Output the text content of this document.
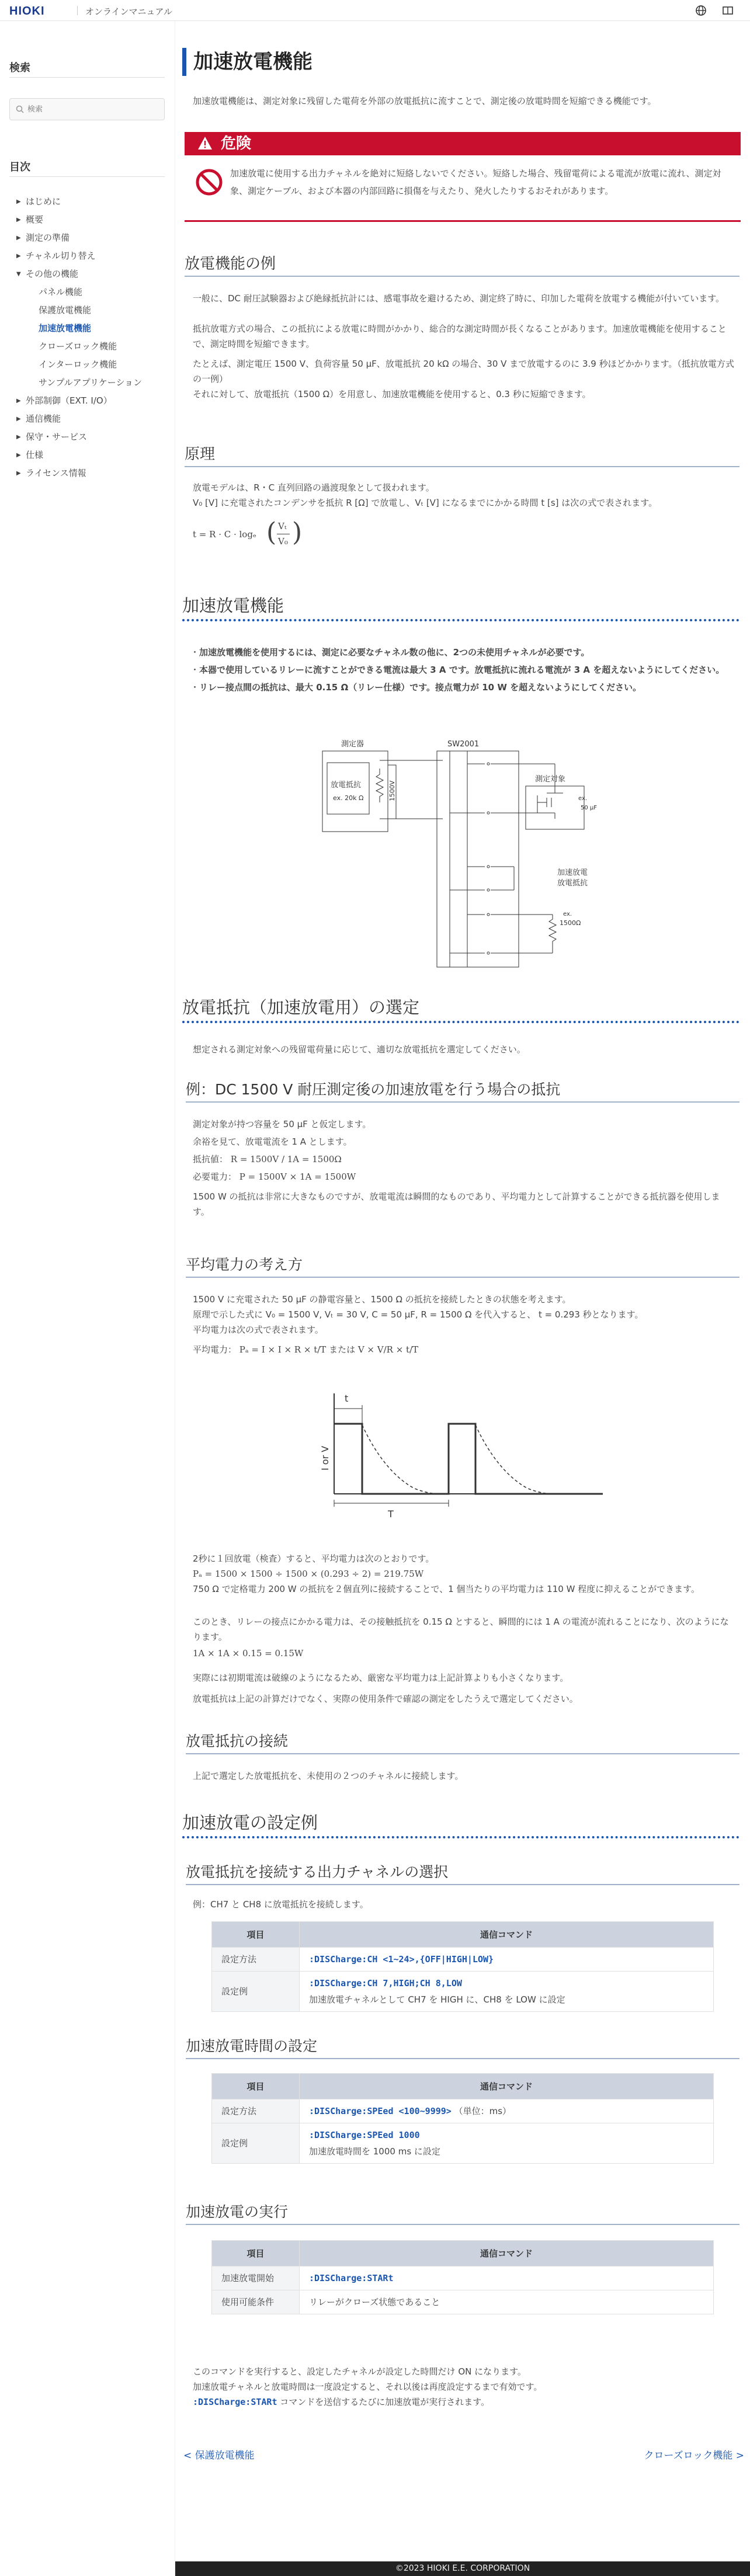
HIOKI	オンラインマニュアル
検索
検索
目次
▶ はじめに
▶ 概要
▶ 測定の準備
▶ チャネル切り替え
▼ その他の機能
パネル機能
保護放電機能
加速放電機能
クローズロック機能
インターロック機能
サンプルアプリケーション
▶ 外部制御（EXT. I/O）
▶ 通信機能
▶ 保守・サービス
▶ 仕様
▶ ライセンス情報
加速放電機能
加速放電機能は、測定対象に残留した電荷を外部の放電抵抗に流すことで、測定後の放電時間を短縮できる機能です。
危険
加速放電に使用する出力チャネルを絶対に短絡しないでください。短絡した場合、残留電荷による電流が放電に流れ、測定対象、測定ケーブル、および本器の内部回路に損傷を与えたり、発火したりするおそれがあります。
放電機能の例
一般に、DC 耐圧試験器および絶縁抵抗計には、感電事故を避けるため、測定終了時に、印加した電荷を放電する機能が付いています。
抵抗放電方式の場合、この抵抗による放電に時間がかかり、総合的な測定時間が長くなることがあります。加速放電機能を使用することで、測定時間を短縮できます。
たとえば、測定電圧 1500 V、負荷容量 50 μF、放電抵抗 20 kΩ の場合、30 V まで放電するのに 3.9 秒ほどかかります。（抵抗放電方式の一例）
それに対して、放電抵抗（1500 Ω）を用意し、加速放電機能を使用すると、0.3 秒に短縮できます。
原理
放電モデルは、R・C 直列回路の過渡現象として扱われます。
V₀ [V] に充電されたコンデンサを抵抗 R [Ω] で放電し、Vₜ [V] になるまでにかかる時間 t [s] は次の式で表されます。
t = R · C · logₑ ( Vₜ
V₀ )
加速放電機能
・加速放電機能を使用するには、測定に必要なチャネル数の他に、2つの未使用チャネルが必要です。
・本器で使用しているリレーに流すことができる電流は最大 3 A です。放電抵抗に流れる電流が 3 A を超えないようにしてください。
・リレー接点間の抵抗は、最大 0.15 Ω（リレー仕様）です。接点電力が 10 W を超えないようにしてください。
測定器
放電抵抗
ex. 20k Ω	1500V
SW2001
測定対象
ex.
50 μF
加速放電
放電抵抗
ex.
1500Ω
放電抵抗（加速放電用）の選定
想定される測定対象への残留電荷量に応じて、適切な放電抵抗を選定してください。
例：DC 1500 V 耐圧測定後の加速放電を行う場合の抵抗
測定対象が持つ容量を 50 μF と仮定します。
余裕を見て、放電電流を 1 A とします。
抵抗値： R = 1500V / 1A = 1500Ω
必要電力： P = 1500V × 1A = 1500W
1500 W の抵抗は非常に大きなものですが、放電電流は瞬間的なものであり、平均電力として計算することができる抵抗器を使用します。
平均電力の考え方
1500 V に充電された 50 μF の静電容量と、1500 Ω の抵抗を接続したときの状態を考えます。
原理で示した式に V₀ = 1500 V, Vₜ = 30 V, C = 50 μF, R = 1500 Ω を代入すると、 t = 0.293 秒となります。
平均電力は次の式で表されます。
平均電力： Pₐ = I × I × R × t/T または V × V/R × t/T
I or V
t
T
2秒に１回放電（検査）すると、平均電力は次のとおりです。
Pₐ = 1500 × 1500 ÷ 1500 × (0.293 ÷ 2) = 219.75W
750 Ω で定格電力 200 W の抵抗を２個直列に接続することで、1 個当たりの平均電力は 110 W 程度に抑えることができます。
このとき、リレーの接点にかかる電力は、その接触抵抗を 0.15 Ω とすると、瞬間的には 1 A の電流が流れることになり、次のようになります。
1A × 1A × 0.15 = 0.15W
実際には初期電流は破線のようになるため、厳密な平均電力は上記計算よりも小さくなります。
放電抵抗は上記の計算だけでなく、実際の使用条件で確認の測定をしたうえで選定してください。
放電抵抗の接続
上記で選定した放電抵抗を、未使用の２つのチャネルに接続します。
加速放電の設定例
放電抵抗を接続する出力チャネルの選択
例：CH7 と CH8 に放電抵抗を接続します。
項目	通信コマンド
設定方法	:DISCharge:CH <1~24>,{OFF|HIGH|LOW}
設定例	:DISCharge:CH 7,HIGH;CH 8,LOW
加速放電チャネルとして CH7 を HIGH に、CH8 を LOW に設定
加速放電時間の設定
項目	通信コマンド
設定方法	:DISCharge:SPEed <100~9999> （単位：ms）
設定例	:DISCharge:SPEed 1000
加速放電時間を 1000 ms に設定
加速放電の実行
項目	通信コマンド
加速放電開始	:DISCharge:STARt
使用可能条件	リレーがクローズ状態であること
このコマンドを実行すると、設定したチャネルが設定した時間だけ ON になります。
加速放電チャネルと放電時間は一度設定すると、それ以後は再度設定するまで有効です。
:DISCharge:STARt コマンドを送信するたびに加速放電が実行されます。
< 保護放電機能	クローズロック機能 >
©2023 HIOKI E.E. CORPORATION
